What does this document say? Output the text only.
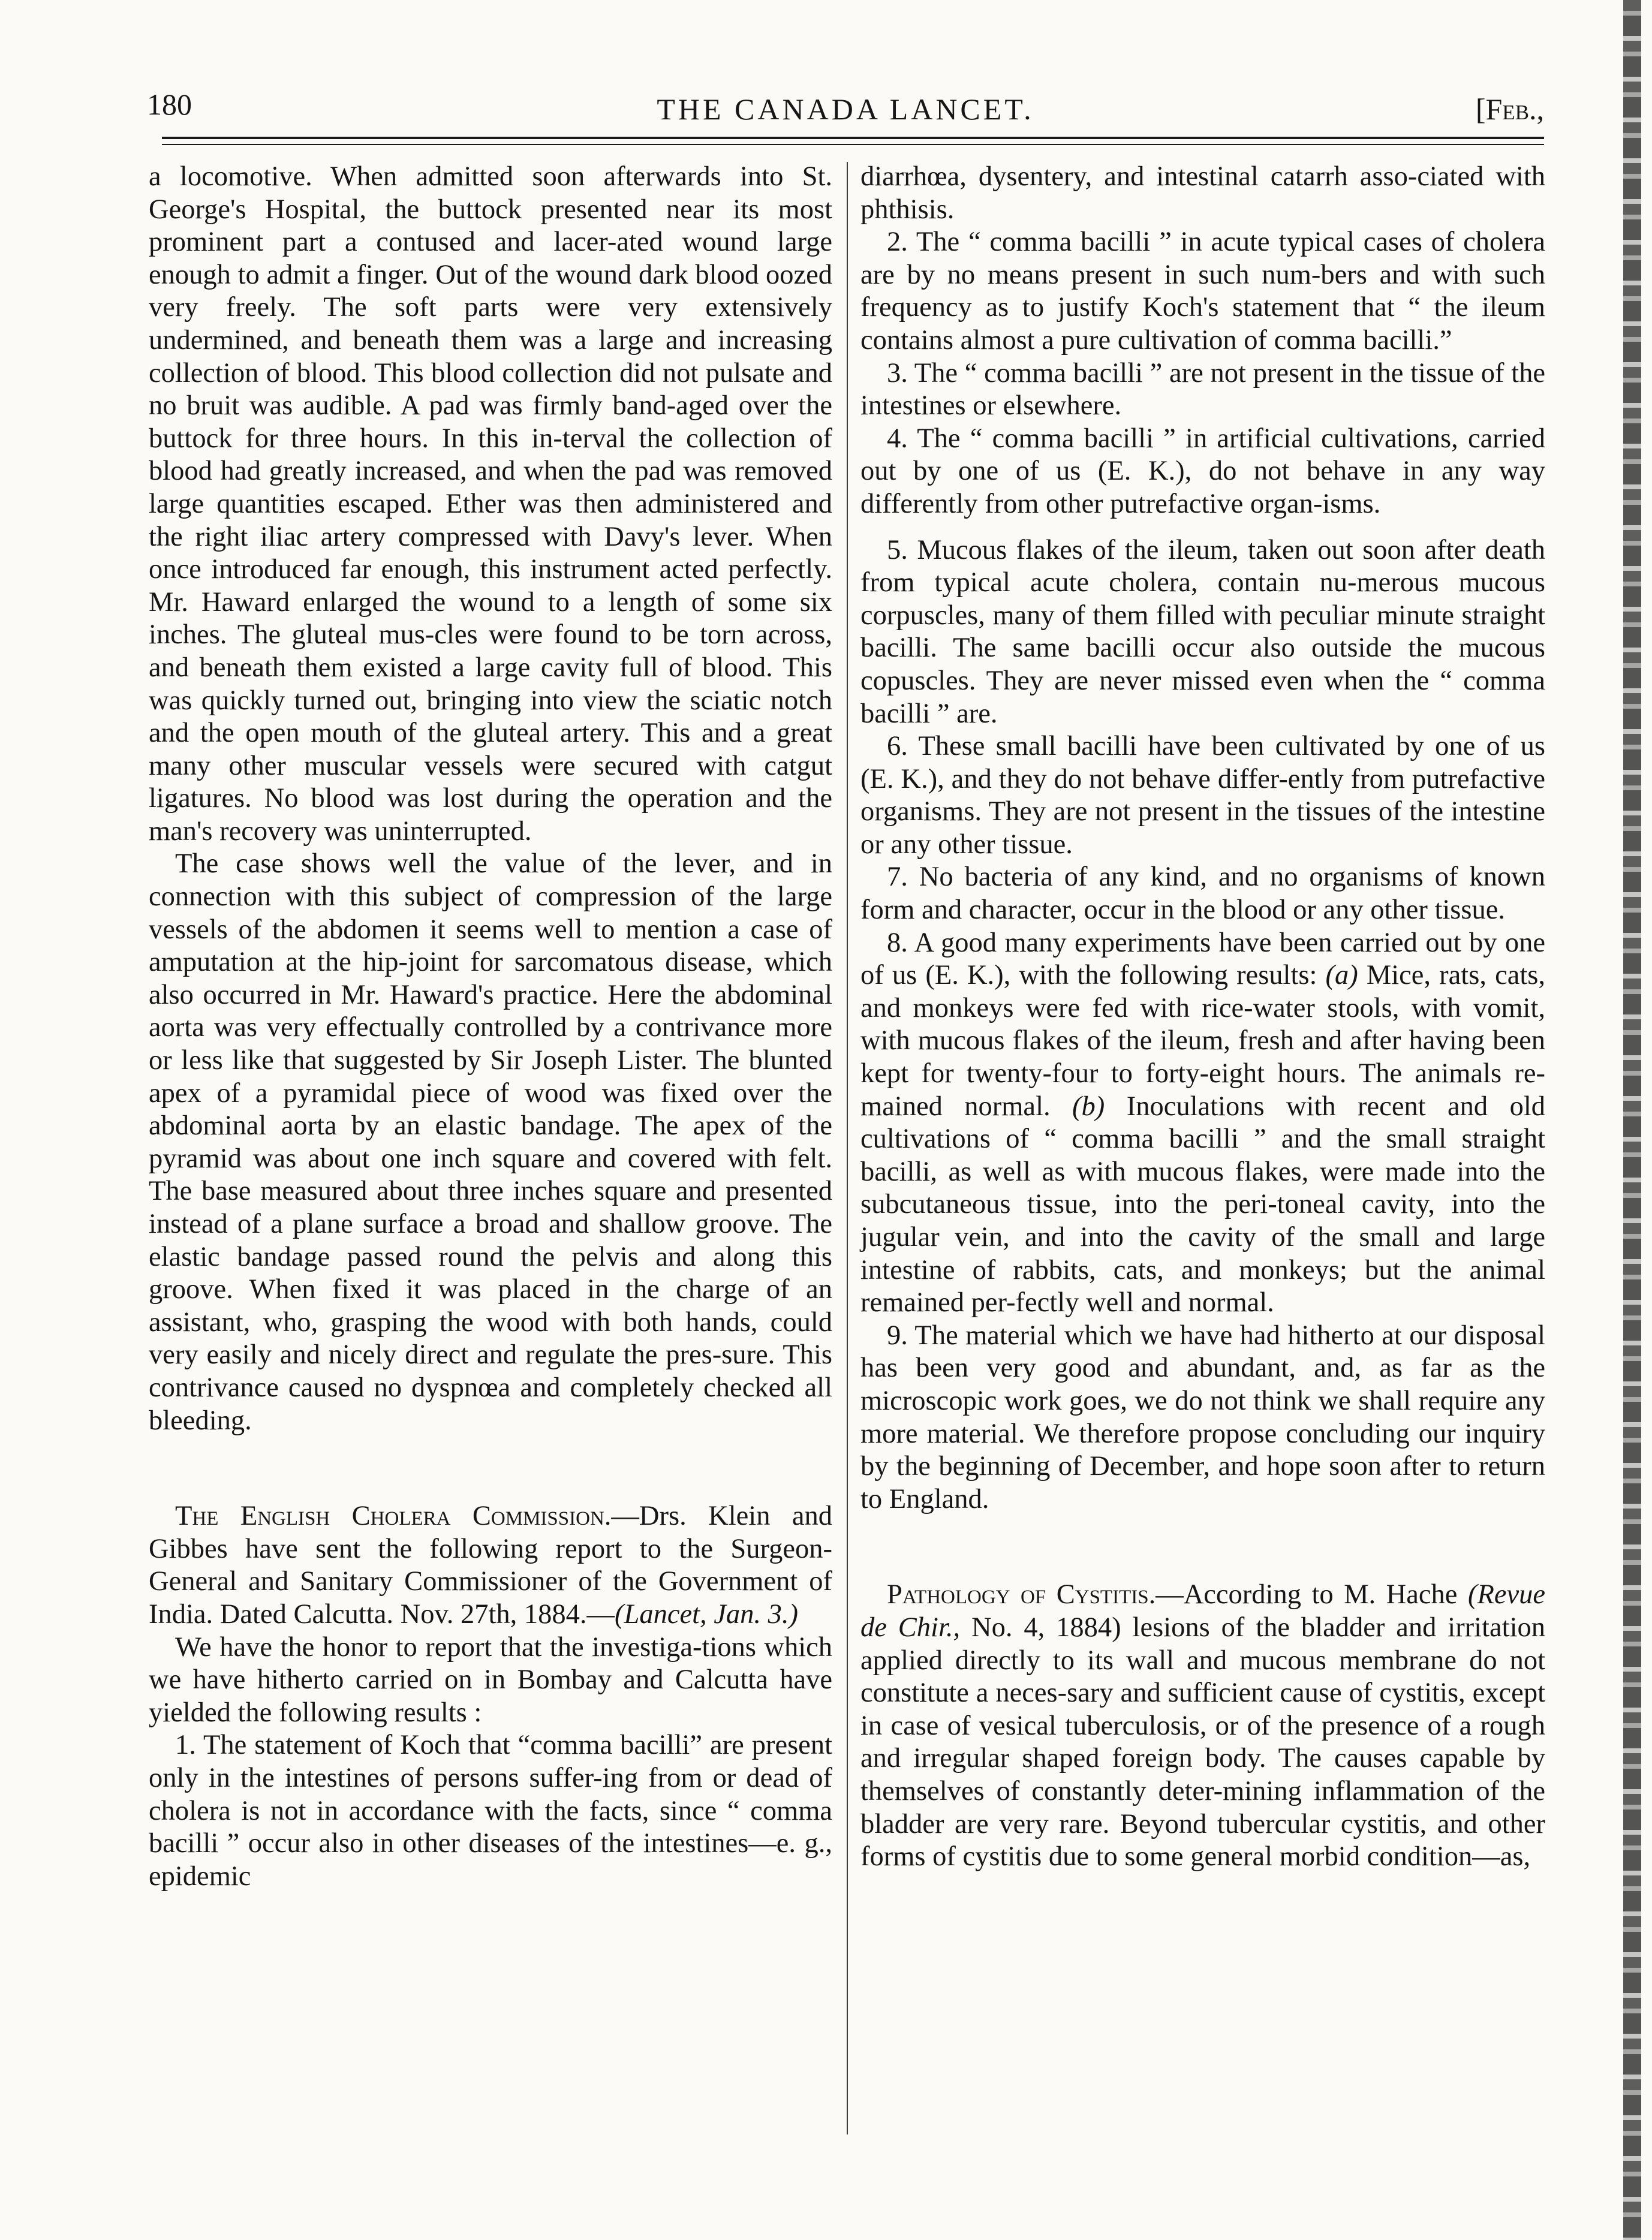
180	THE CANADA LANCET.	[Feb.,

a locomotive. When admitted soon afterwards into St. George's Hospital, the buttock presented near its most prominent part a contused and lacer-ated wound large enough to admit a finger. Out of the wound dark blood oozed very freely. The soft parts were very extensively undermined, and beneath them was a large and increasing collection of blood. This blood collection did not pulsate and no bruit was audible. A pad was firmly band-aged over the buttock for three hours. In this in-terval the collection of blood had greatly increased, and when the pad was removed large quantities escaped. Ether was then administered and the right iliac artery compressed with Davy's lever. When once introduced far enough, this instrument acted perfectly. Mr. Haward enlarged the wound to a length of some six inches. The gluteal mus-cles were found to be torn across, and beneath them existed a large cavity full of blood. This was quickly turned out, bringing into view the sciatic notch and the open mouth of the gluteal artery. This and a great many other muscular vessels were secured with catgut ligatures. No blood was lost during the operation and the man's recovery was uninterrupted.

The case shows well the value of the lever, and in connection with this subject of compression of the large vessels of the abdomen it seems well to mention a case of amputation at the hip-joint for sarcomatous disease, which also occurred in Mr. Haward's practice. Here the abdominal aorta was very effectually controlled by a contrivance more or less like that suggested by Sir Joseph Lister. The blunted apex of a pyramidal piece of wood was fixed over the abdominal aorta by an elastic bandage. The apex of the pyramid was about one inch square and covered with felt. The base measured about three inches square and presented instead of a plane surface a broad and shallow groove. The elastic bandage passed round the pelvis and along this groove. When fixed it was placed in the charge of an assistant, who, grasping the wood with both hands, could very easily and nicely direct and regulate the pres-sure. This contrivance caused no dyspnœa and completely checked all bleeding.

The English Cholera Commission.—Drs. Klein and Gibbes have sent the following report to the Surgeon-General and Sanitary Commissioner of the Government of India. Dated Calcutta. Nov. 27th, 1884.—(Lancet, Jan. 3.)

We have the honor to report that the investiga-tions which we have hitherto carried on in Bombay and Calcutta have yielded the following results :

1. The statement of Koch that “comma bacilli” are present only in the intestines of persons suffer-ing from or dead of cholera is not in accordance with the facts, since “ comma bacilli ” occur also in other diseases of the intestines—e. g., epidemic

diarrhœa, dysentery, and intestinal catarrh asso-ciated with phthisis.

2. The “ comma bacilli ” in acute typical cases of cholera are by no means present in such num-bers and with such frequency as to justify Koch's statement that “ the ileum contains almost a pure cultivation of comma bacilli.”

3. The “ comma bacilli ” are not present in the tissue of the intestines or elsewhere.

4. The “ comma bacilli ” in artificial cultivations, carried out by one of us (E. K.), do not behave in any way differently from other putrefactive organ-isms.

5. Mucous flakes of the ileum, taken out soon after death from typical acute cholera, contain nu-merous mucous corpuscles, many of them filled with peculiar minute straight bacilli. The same bacilli occur also outside the mucous copuscles. They are never missed even when the “ comma bacilli ” are.

6. These small bacilli have been cultivated by one of us (E. K.), and they do not behave differ-ently from putrefactive organisms. They are not present in the tissues of the intestine or any other tissue.

7. No bacteria of any kind, and no organisms of known form and character, occur in the blood or any other tissue.

8. A good many experiments have been carried out by one of us (E. K.), with the following results: (a) Mice, rats, cats, and monkeys were fed with rice-water stools, with vomit, with mucous flakes of the ileum, fresh and after having been kept for twenty-four to forty-eight hours. The animals re-mained normal. (b) Inoculations with recent and old cultivations of “ comma bacilli ” and the small straight bacilli, as well as with mucous flakes, were made into the subcutaneous tissue, into the peri-toneal cavity, into the jugular vein, and into the cavity of the small and large intestine of rabbits, cats, and monkeys; but the animal remained per-fectly well and normal.

9. The material which we have had hitherto at our disposal has been very good and abundant, and, as far as the microscopic work goes, we do not think we shall require any more material. We therefore propose concluding our inquiry by the beginning of December, and hope soon after to return to England.

Pathology of Cystitis.—According to M. Hache (Revue de Chir., No. 4, 1884) lesions of the bladder and irritation applied directly to its wall and mucous membrane do not constitute a neces-sary and sufficient cause of cystitis, except in case of vesical tuberculosis, or of the presence of a rough and irregular shaped foreign body. The causes capable by themselves of constantly deter-mining inflammation of the bladder are very rare. Beyond tubercular cystitis, and other forms of cystitis due to some general morbid condition—as,
